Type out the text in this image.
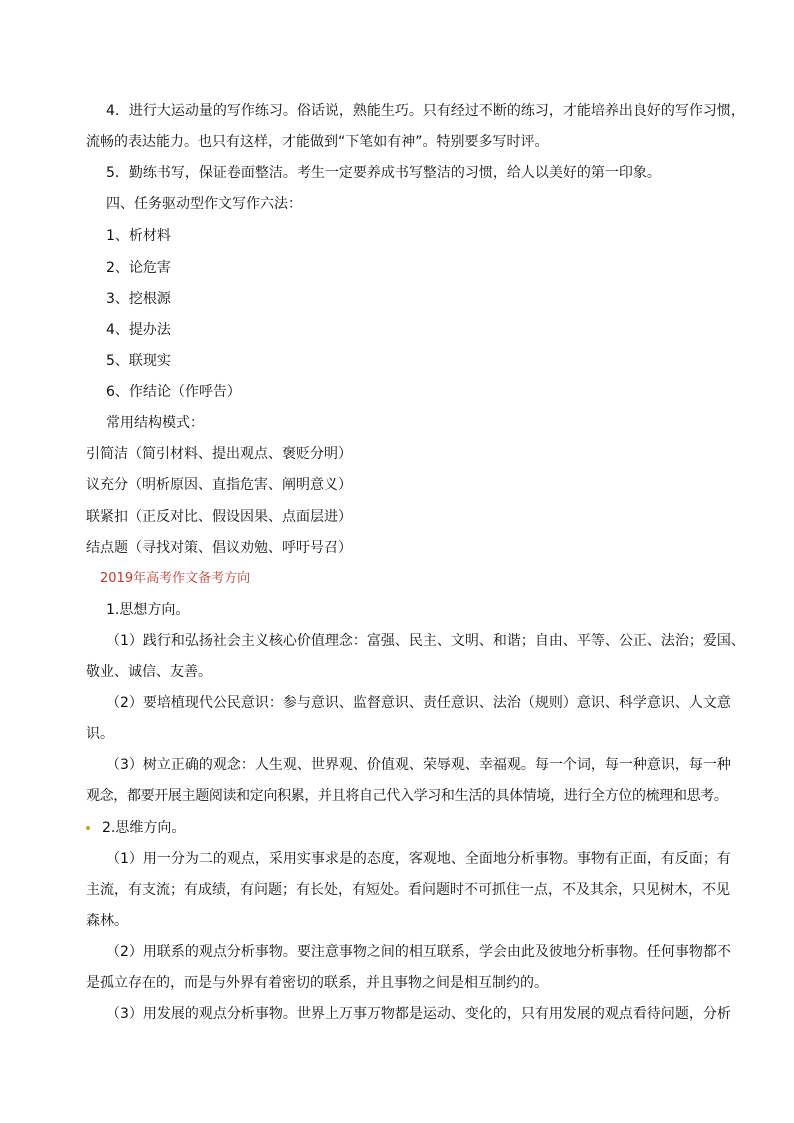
4．进行大运动量的写作练习。俗话说，熟能生巧。只有经过不断的练习，才能培养出良好的写作习惯，
流畅的表达能力。也只有这样，才能做到“下笔如有神”。特别要多写时评。
5．勤练书写，保证卷面整洁。考生一定要养成书写整洁的习惯，给人以美好的第一印象。
四、任务驱动型作文写作六法：
1、析材料
2、论危害
3、挖根源
4、提办法
5、联现实
6、作结论（作呼告）
常用结构模式：
引简洁（简引材料、提出观点、褒贬分明）
议充分（明析原因、直指危害、阐明意义）
联紧扣（正反对比、假设因果、点面层进）
结点题（寻找对策、倡议劝勉、呼吁号召）
2019年高考作文备考方向
1.思想方向。
（1）践行和弘扬社会主义核心价值理念：富强、民主、文明、和谐；自由、平等、公正、法治；爱国、
敬业、诚信、友善。
（2）要培植现代公民意识：参与意识、监督意识、责任意识、法治（规则）意识、科学意识、人文意
识。
（3）树立正确的观念：人生观、世界观、价值观、荣辱观、幸福观。每一个词，每一种意识，每一种
观念，都要开展主题阅读和定向积累，并且将自己代入学习和生活的具体情境，进行全方位的梳理和思考。
2.思维方向。
（1）用一分为二的观点，采用实事求是的态度，客观地、全面地分析事物。事物有正面，有反面；有
主流，有支流；有成绩，有问题；有长处，有短处。看问题时不可抓住一点，不及其余，只见树木，不见
森林。
（2）用联系的观点分析事物。要注意事物之间的相互联系，学会由此及彼地分析事物。任何事物都不
是孤立存在的，而是与外界有着密切的联系，并且事物之间是相互制约的。
（3）用发展的观点分析事物。世界上万事万物都是运动、变化的，只有用发展的观点看待问题，分析
